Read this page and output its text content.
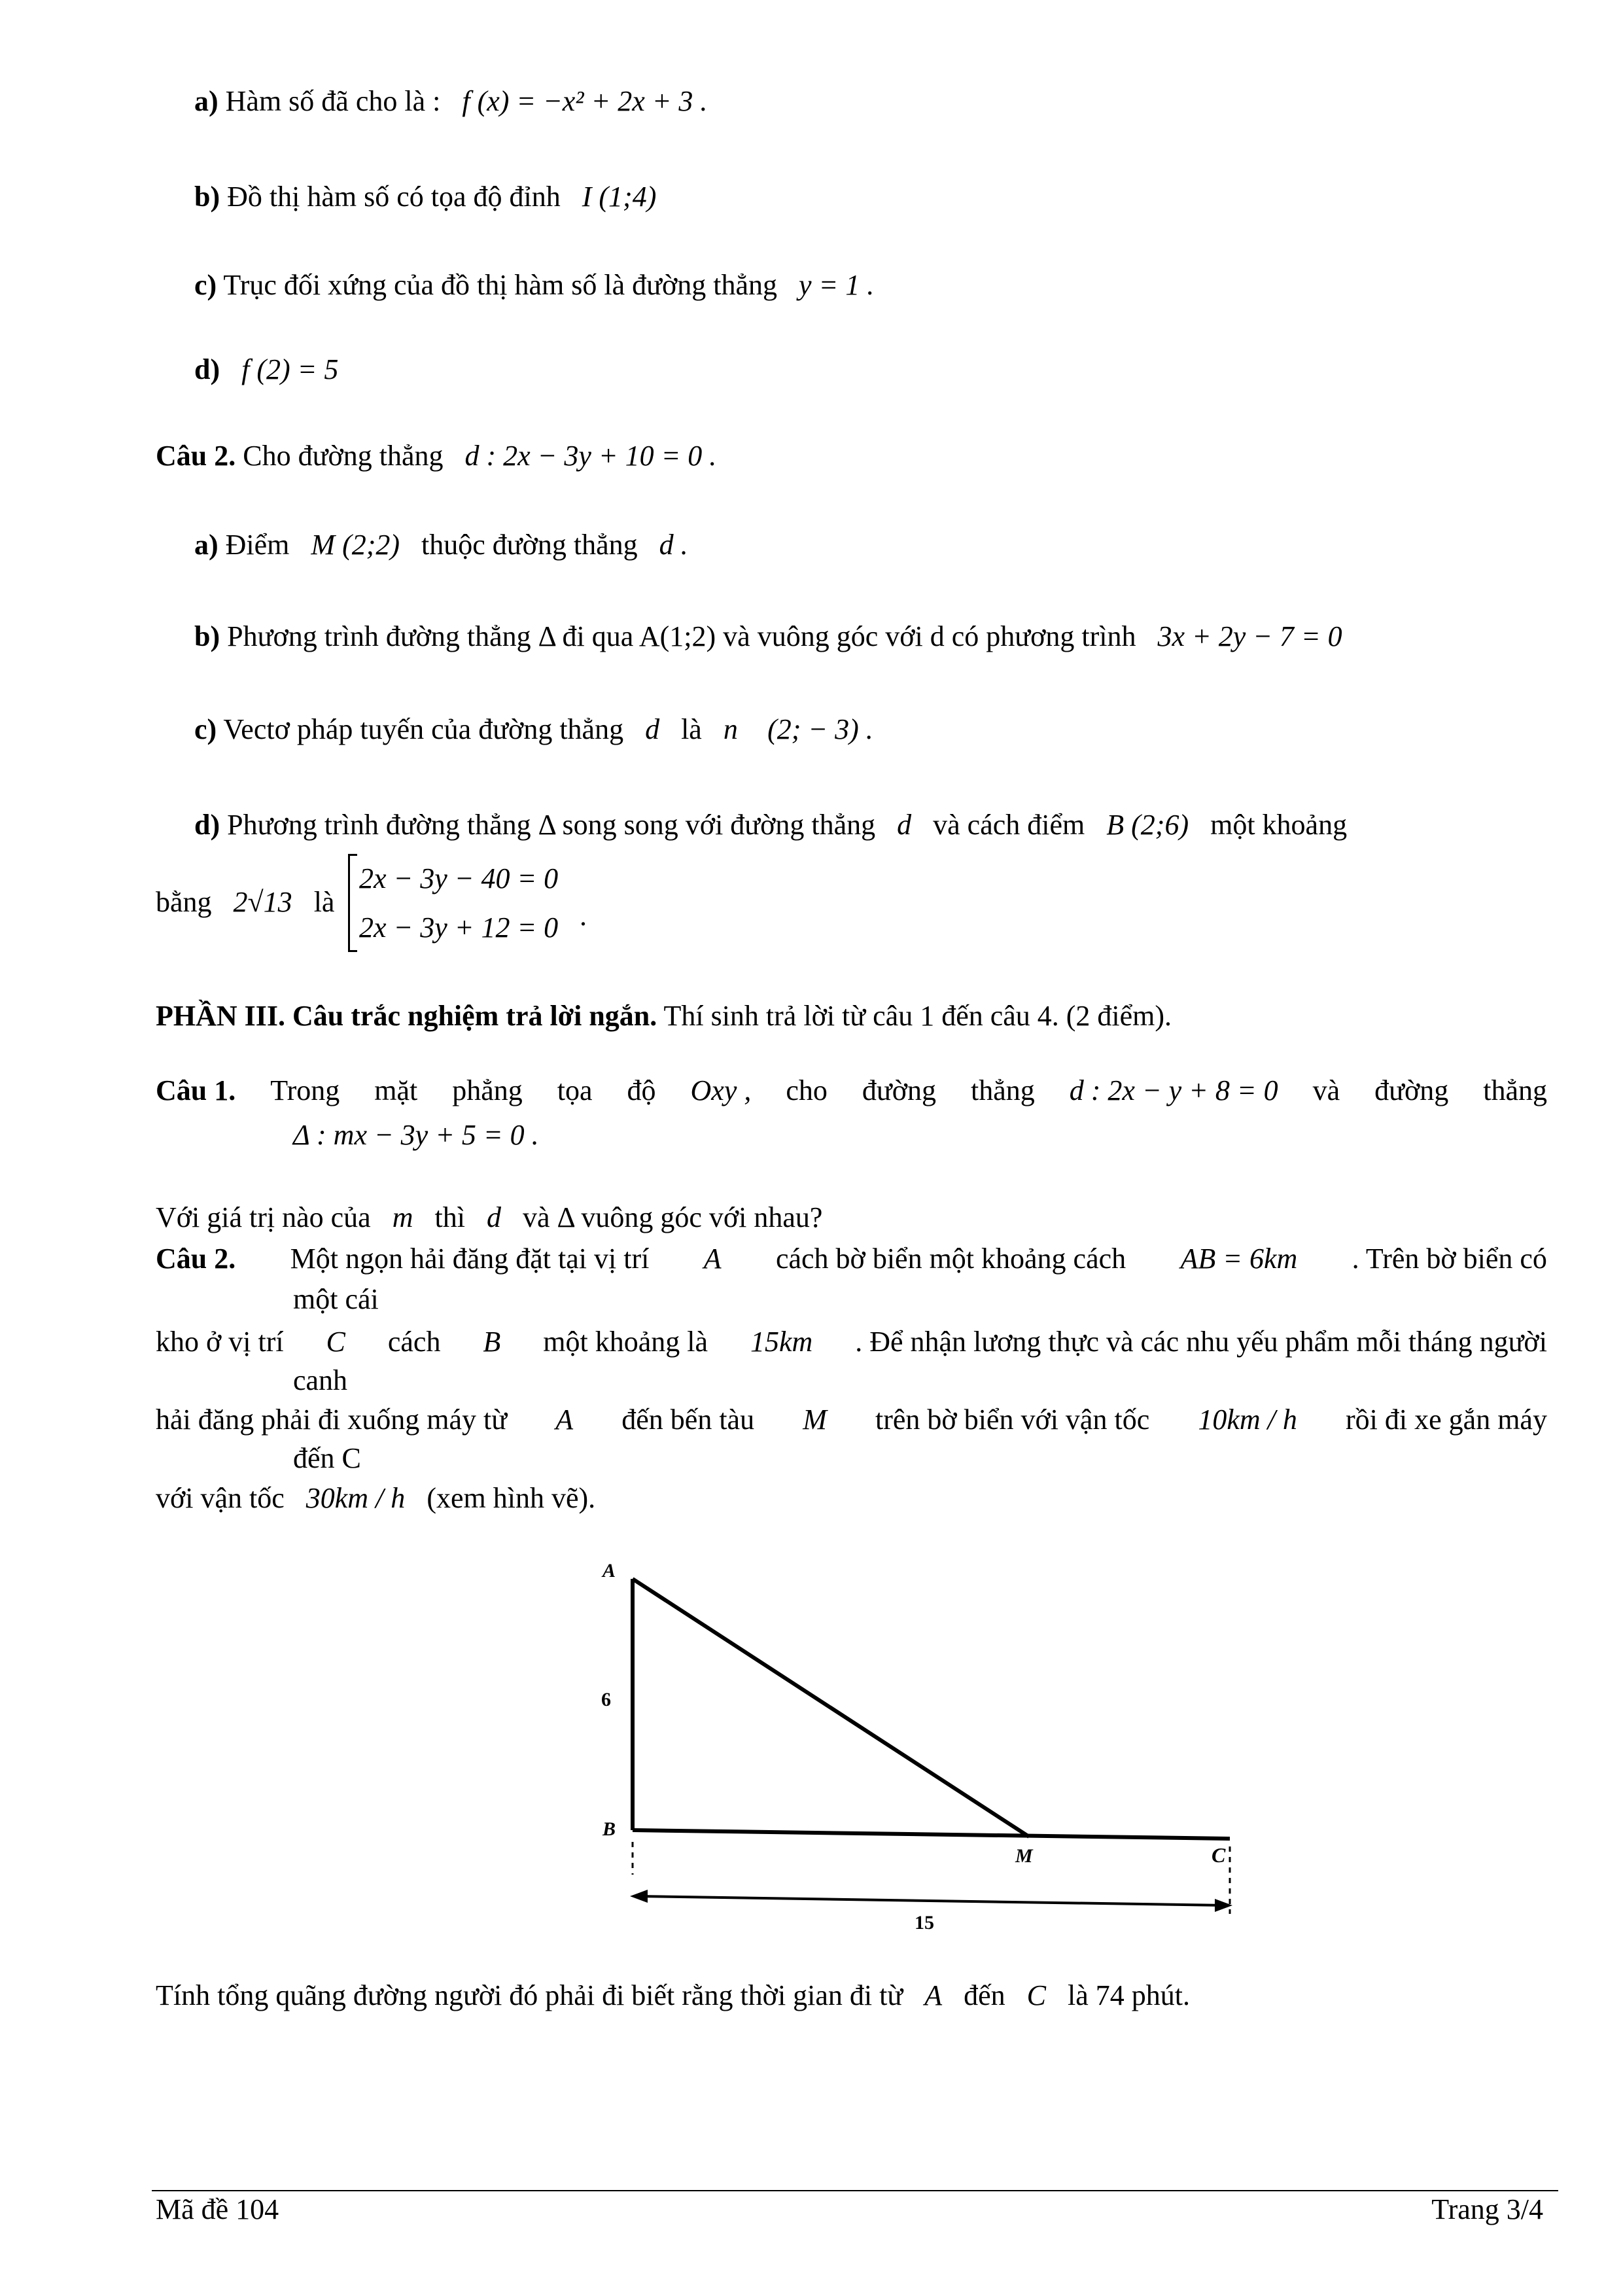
a) Hàm số đã cho là : f (x) = −x² + 2x + 3 .
b) Đồ thị hàm số có tọa độ đỉnh I (1;4)
c) Trục đối xứng của đồ thị hàm số là đường thẳng y = 1 .
d) f (2) = 5
Câu 2. Cho đường thẳng d : 2x − 3y + 10 = 0 .
a) Điểm M (2;2) thuộc đường thẳng d .
b) Phương trình đường thẳng Δ đi qua A(1;2) và vuông góc với d có phương trình 3x + 2y − 7 = 0
c) Vectơ pháp tuyến của đường thẳng d là n⃗ (2; − 3) .
d) Phương trình đường thẳng Δ song song với đường thẳng d và cách điểm B (2;6) một khoảng
bằng 2√13 là
2x − 3y − 40 = 0
2x − 3y + 12 = 0 .
PHẦN III. Câu trắc nghiệm trả lời ngắn. Thí sinh trả lời từ câu 1 đến câu 4. (2 điểm).
Câu 1. Trong mặt phẳng tọa độ Oxy , cho đường thẳng d : 2x − y + 8 = 0 và đường thẳng
Δ : mx − 3y + 5 = 0 .
Với giá trị nào của m thì d và Δ vuông góc với nhau?
Câu 2. Một ngọn hải đăng đặt tại vị trí A cách bờ biển một khoảng cách AB = 6km . Trên bờ biển có
một cái
kho ở vị trí C cách B một khoảng là 15km . Để nhận lương thực và các nhu yếu phẩm mỗi tháng người
canh
hải đăng phải đi xuống máy từ A đến bến tàu M trên bờ biển với vận tốc 10km / h rồi đi xe gắn máy
đến C
với vận tốc 30km / h (xem hình vẽ).
A
6
B
M	C
15
Tính tổng quãng đường người đó phải đi biết rằng thời gian đi từ A đến C là 74 phút.
Mã đề 104	Trang 3/4
